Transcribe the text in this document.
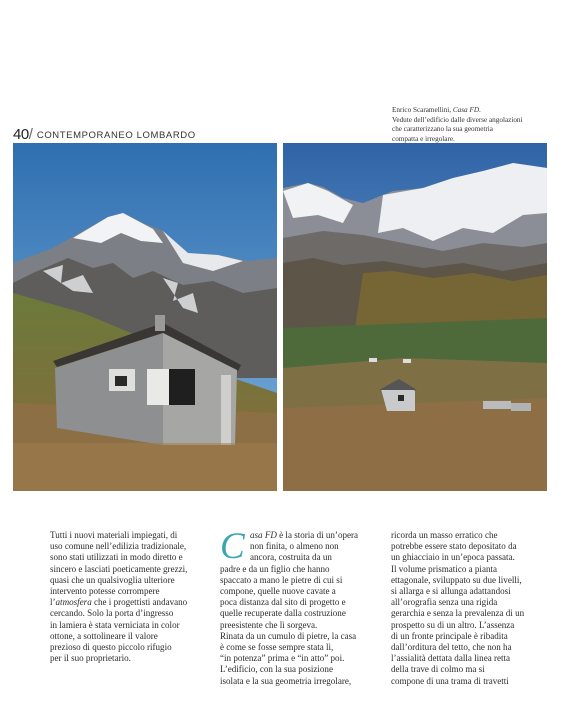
Enrico Scaramellini, Casa FD.
Vedute dell’edificio dalle diverse angolazioni
che caratterizzano la sua geometria
compatta e irregolare.
40 / CONTEMPORANEO LOMBARDO
Tutti i nuovi materiali impiegati, di
uso comune nell’edilizia tradizionale,
sono stati utilizzati in modo diretto e
sincero e lasciati poeticamente grezzi,
quasi che un qualsivoglia ulteriore
intervento potesse corrompere
l’atmosfera che i progettisti andavano
cercando. Solo la porta d’ingresso
in lamiera è stata verniciata in color
ottone, a sottolineare il valore
prezioso di questo piccolo rifugio
per il suo proprietario.
C asa FD è la storia di un’opera
non finita, o almeno non
ancora, costruita da un
padre e da un figlio che hanno
spaccato a mano le pietre di cui si
compone, quelle nuove cavate a
poca distanza dal sito di progetto e
quelle recuperate dalla costruzione
preesistente che lì sorgeva.
Rinata da un cumulo di pietre, la casa
è come se fosse sempre stata lì,
“in potenza” prima e “in atto” poi.
L’edificio, con la sua posizione
isolata e la sua geometria irregolare,
ricorda un masso erratico che
potrebbe essere stato depositato da
un ghiacciaio in un’epoca passata.
Il volume prismatico a pianta
ettagonale, sviluppato su due livelli,
si allarga e si allunga adattandosi
all’orografia senza una rigida
gerarchia e senza la prevalenza di un
prospetto su di un altro. L’assenza
di un fronte principale è ribadita
dall’orditura del tetto, che non ha
l’assialità dettata dalla linea retta
della trave di colmo ma si
compone di una trama di travetti
